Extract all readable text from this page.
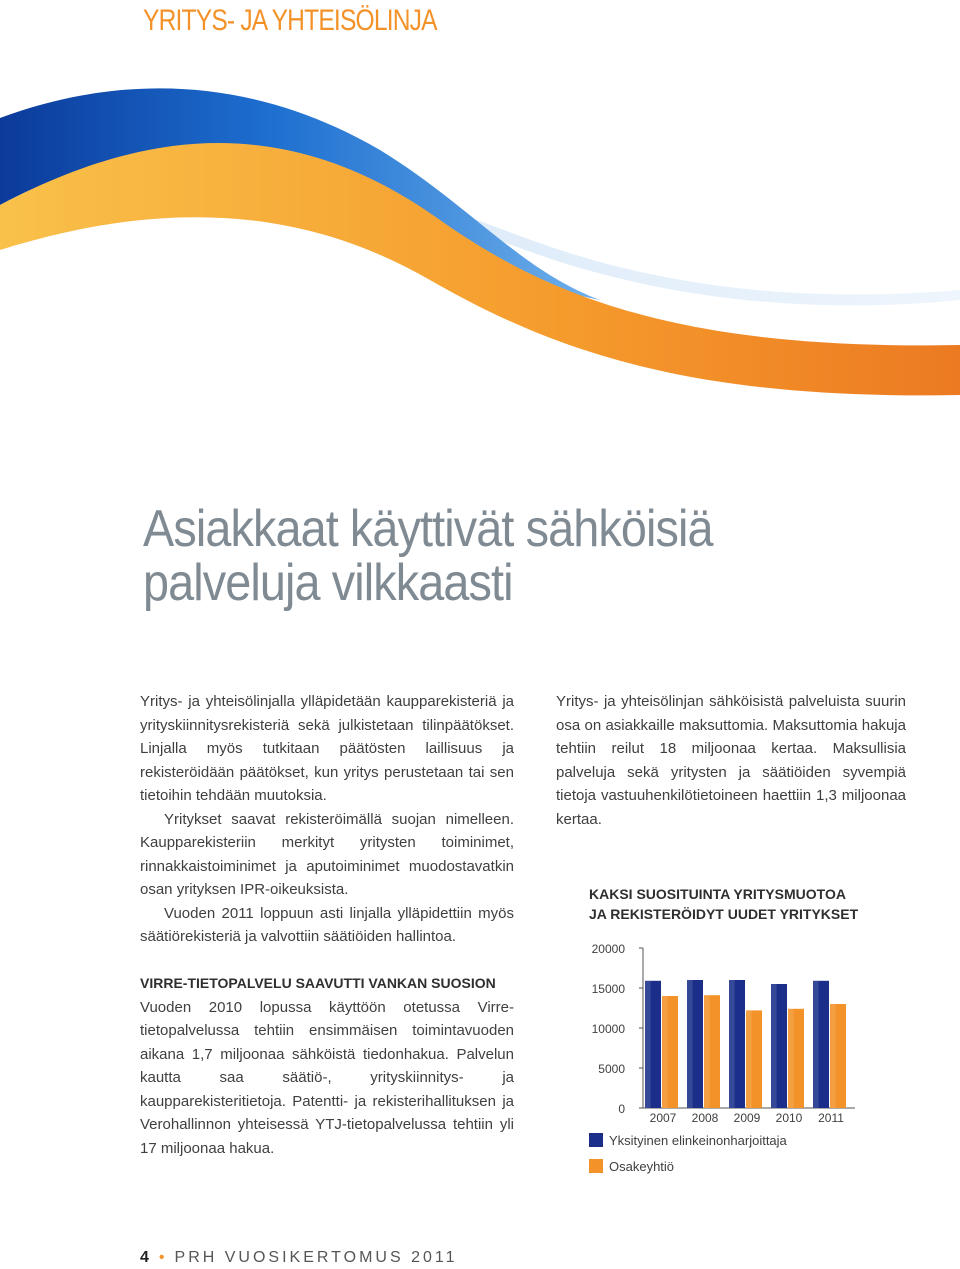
YRITYS- JA YHTEISÖLINJA
Asiakkaat käyttivät sähköisiä
palveluja vilkkaasti

Yritys- ja yhteisölinjalla ylläpidetään kaupparekisteriä ja yrityskiinnitysrekisteriä sekä julkistetaan tilinpäätökset. Linjalla myös tutkitaan päätösten laillisuus ja rekisteröidään päätökset, kun yritys perustetaan tai sen tietoihin tehdään muutoksia.

Yritykset saavat rekisteröimällä suojan nimelleen. Kaupparekisteriin merkityt yritysten toiminimet, rinnakkaistoiminimet ja aputoiminimet muodostavatkin osan yrityksen IPR-oikeuksista.

Vuoden 2011 loppuun asti linjalla ylläpidettiin myös säätiörekisteriä ja valvottiin säätiöiden hallintoa.

VIRRE-TIETOPALVELU SAAVUTTI VANKAN SUOSION

Vuoden 2010 lopussa käyttöön otetussa Virre-tietopalvelussa tehtiin ensimmäisen toimintavuoden aikana 1,7 miljoonaa sähköistä tiedonhakua. Palvelun kautta saa säätiö-, yrityskiinnitys- ja kaupparekisteritietoja. Patentti- ja rekisterihallituksen ja Verohallinnon yhteisessä YTJ-tietopalvelussa tehtiin yli 17 miljoonaa hakua.

Yritys- ja yhteisölinjan sähköisistä palveluista suurin osa on asiakkaille maksuttomia. Maksuttomia hakuja tehtiin reilut 18 miljoonaa kertaa. Maksullisia palveluja sekä yritysten ja säätiöiden syvempiä tietoja vastuuhenkilötietoineen haettiin 1,3 miljoonaa kertaa.

KAKSI SUOSITUINTA YRITYSMUOTOA
JA REKISTERÖIDYT UUDET YRITYKSET
20000
15000
10000
5000
0
2007 2008 2009 2010 2011
Yksityinen elinkeinonharjoittaja
Osakeyhtiö
4 • PRH VUOSIKERTOMUS 2011
